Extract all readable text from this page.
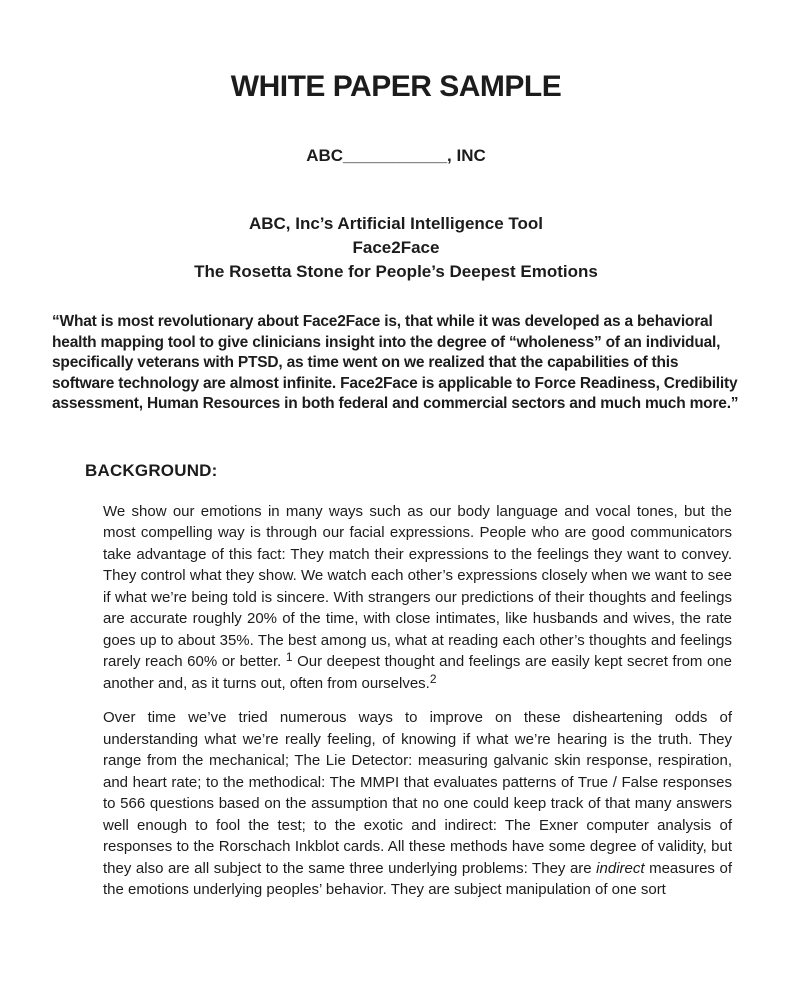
WHITE PAPER SAMPLE
ABC___________, INC
ABC, Inc’s Artificial Intelligence Tool
Face2Face
The Rosetta Stone for People’s Deepest Emotions

“What is most revolutionary about Face2Face is, that while it was developed as a behavioral health mapping tool to give clinicians insight into the degree of “wholeness” of an individual, specifically veterans with PTSD, as time went on we realized that the capabilities of this software technology are almost infinite. Face2Face is applicable to Force Readiness, Credibility assessment, Human Resources in both federal and commercial sectors and much much more.”

BACKGROUND:

We show our emotions in many ways such as our body language and vocal tones, but the most compelling way is through our facial expressions. People who are good communicators take advantage of this fact: They match their expressions to the feelings they want to convey. They control what they show. We watch each other’s expressions closely when we want to see if what we’re being told is sincere. With strangers our predictions of their thoughts and feelings are accurate roughly 20% of the time, with close intimates, like husbands and wives, the rate goes up to about 35%. The best among us, what at reading each other’s thoughts and feelings rarely reach 60% or better. $^1$ Our deepest thought and feelings are easily kept secret from one another and, as it turns out, often from ourselves.$^2$

Over time we’ve tried numerous ways to improve on these disheartening odds of understanding what we’re really feeling, of knowing if what we’re hearing is the truth. They range from the mechanical; The Lie Detector: measuring galvanic skin response, respiration, and heart rate; to the methodical: The MMPI that evaluates patterns of True / False responses to 566 questions based on the assumption that no one could keep track of that many answers well enough to fool the test; to the exotic and indirect: The Exner computer analysis of responses to the Rorschach Inkblot cards. All these methods have some degree of validity, but they also are all subject to the same three underlying problems: They are indirect measures of the emotions underlying peoples’ behavior. They are subject manipulation of one sort
